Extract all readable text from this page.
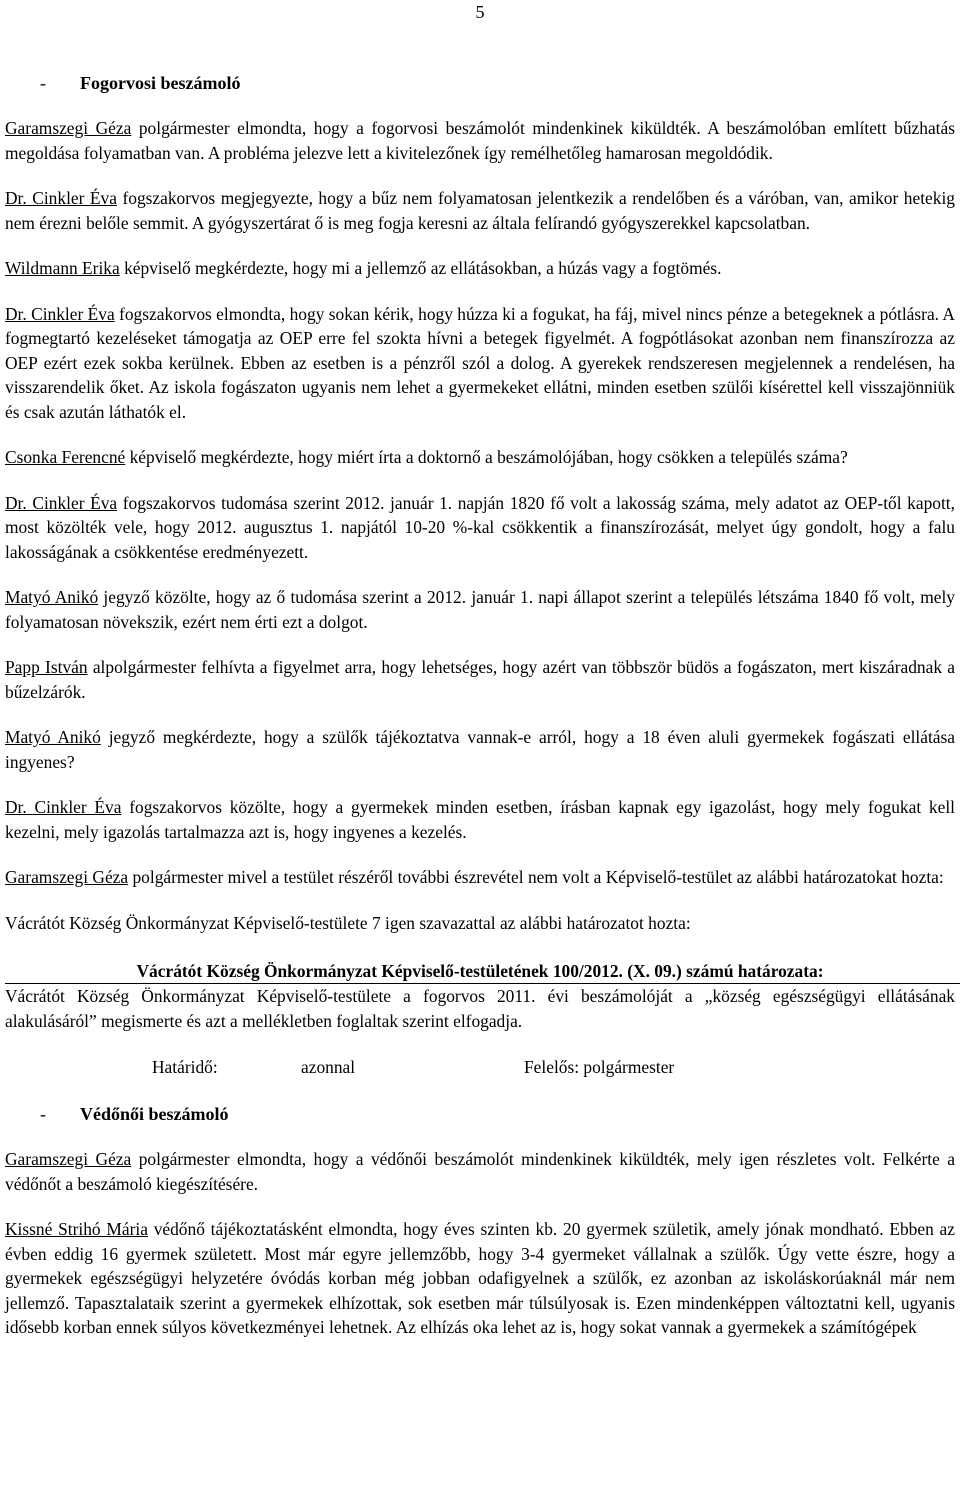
5
- Fogorvosi beszámoló

Garamszegi Géza polgármester elmondta, hogy a fogorvosi beszámolót mindenkinek kiküldték. A beszámolóban említett bűzhatás megoldása folyamatban van. A probléma jelezve lett a kivitelezőnek így remélhetőleg hamarosan megoldódik.

Dr. Cinkler Éva fogszakorvos megjegyezte, hogy a bűz nem folyamatosan jelentkezik a rendelőben és a váróban, van, amikor hetekig nem érezni belőle semmit. A gyógyszertárat ő is meg fogja keresni az általa felírandó gyógyszerekkel kapcsolatban.

Wildmann Erika képviselő megkérdezte, hogy mi a jellemző az ellátásokban, a húzás vagy a fogtömés.

Dr. Cinkler Éva fogszakorvos elmondta, hogy sokan kérik, hogy húzza ki a fogukat, ha fáj, mivel nincs pénze a betegeknek a pótlásra. A fogmegtartó kezeléseket támogatja az OEP erre fel szokta hívni a betegek figyelmét. A fogpótlásokat azonban nem finanszírozza az OEP ezért ezek sokba kerülnek. Ebben az esetben is a pénzről szól a dolog. A gyerekek rendszeresen megjelennek a rendelésen, ha visszarendelik őket. Az iskola fogászaton ugyanis nem lehet a gyermekeket ellátni, minden esetben szülői kísérettel kell visszajönniük és csak azután láthatók el.

Csonka Ferencné képviselő megkérdezte, hogy miért írta a doktornő a beszámolójában, hogy csökken a település száma?

Dr. Cinkler Éva fogszakorvos tudomása szerint 2012. január 1. napján 1820 fő volt a lakosság száma, mely adatot az OEP-től kapott, most közölték vele, hogy 2012. augusztus 1. napjától 10-20 %-kal csökkentik a finanszírozását, melyet úgy gondolt, hogy a falu lakosságának a csökkentése eredményezett.

Matyó Anikó jegyző közölte, hogy az ő tudomása szerint a 2012. január 1. napi állapot szerint a település létszáma 1840 fő volt, mely folyamatosan növekszik, ezért nem érti ezt a dolgot.

Papp István alpolgármester felhívta a figyelmet arra, hogy lehetséges, hogy azért van többször büdös a fogászaton, mert kiszáradnak a bűzelzárók.

Matyó Anikó jegyző megkérdezte, hogy a szülők tájékoztatva vannak-e arról, hogy a 18 éven aluli gyermekek fogászati ellátása ingyenes?

Dr. Cinkler Éva fogszakorvos közölte, hogy a gyermekek minden esetben, írásban kapnak egy igazolást, hogy mely fogukat kell kezelni, mely igazolás tartalmazza azt is, hogy ingyenes a kezelés.

Garamszegi Géza polgármester mivel a testület részéről további észrevétel nem volt a Képviselő-testület az alábbi határozatokat hozta:

Vácrátót Község Önkormányzat Képviselő-testülete 7 igen szavazattal az alábbi határozatot hozta:

Vácrátót Község Önkormányzat Képviselő-testületének 100/2012. (X. 09.) számú határozata:

Vácrátót Község Önkormányzat Képviselő-testülete a fogorvos 2011. évi beszámolóját a „község egészségügyi ellátásának alakulásáról” megismerte és azt a mellékletben foglaltak szerint elfogadja.

Határidő:	azonnal	Felelős: polgármester
- Védőnői beszámoló

Garamszegi Géza polgármester elmondta, hogy a védőnői beszámolót mindenkinek kiküldték, mely igen részletes volt. Felkérte a védőnőt a beszámoló kiegészítésére.

Kissné Strihó Mária védőnő tájékoztatásként elmondta, hogy éves szinten kb. 20 gyermek születik, amely jónak mondható. Ebben az évben eddig 16 gyermek született. Most már egyre jellemzőbb, hogy 3-4 gyermeket vállalnak a szülők. Úgy vette észre, hogy a gyermekek egészségügyi helyzetére óvódás korban még jobban odafigyelnek a szülők, ez azonban az iskoláskorúaknál már nem jellemző. Tapasztalataik szerint a gyermekek elhízottak, sok esetben már túlsúlyosak is. Ezen mindenképpen változtatni kell, ugyanis idősebb korban ennek súlyos következményei lehetnek. Az elhízás oka lehet az is, hogy sokat vannak a gyermekek a számítógépek
